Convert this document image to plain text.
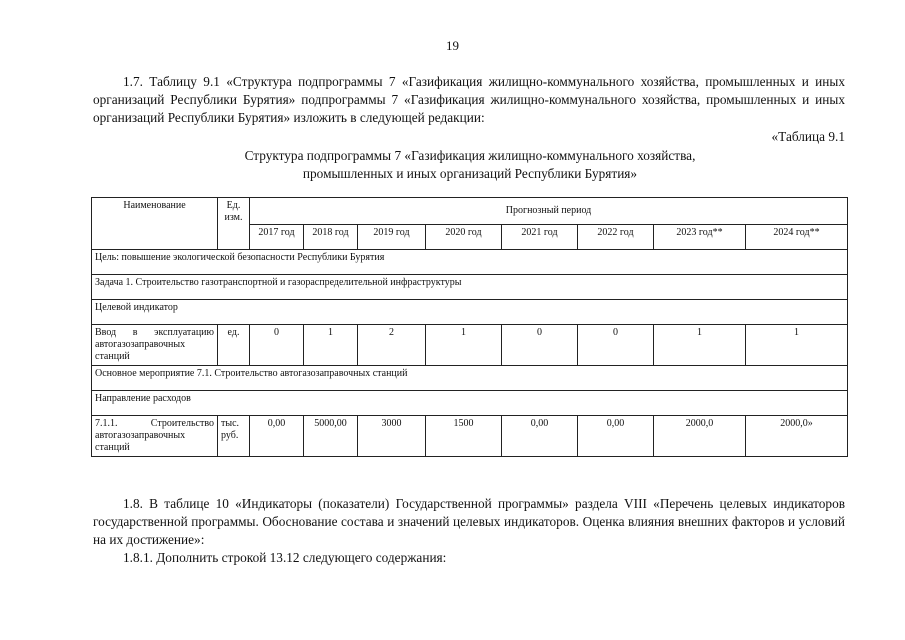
19

1.7. Таблицу 9.1 «Структура подпрограммы 7 «Газификация жилищно-коммунального хозяйства, промышленных и иных организаций Республики Бурятия» подпрограммы 7 «Газификация жилищно-коммунального хозяйства, промышленных и иных организаций Республики Бурятия» изложить в следующей редакции:

«Таблица 9.1
Структура подпрограммы 7 «Газификация жилищно-коммунального хозяйства,
промышленных и иных организаций Республики Бурятия»
Наименование	Ед. изм.	Прогнозный период							
		2017 год	2018 год	2019 год	2020 год	2021 год	2022 год	2023 год**	2024 год**
Цель: повышение экологической безопасности Республики Бурятия									
Задача 1. Строительство газотранспортной и газораспределительной инфраструктуры									
Целевой индикатор									
Ввод в эксплуатацию автогазозаправочных станций	ед.	0	1	2	1	0	0	1	1
Основное мероприятие 7.1. Строительство автогазозаправочных станций									
Направление расходов									
7.1.1. Строительство автогазозаправочных станций	тыс. руб.	0,00	5000,00	3000	1500	0,00	0,00	2000,0	2000,0»

1.8. В таблице 10 «Индикаторы (показатели) Государственной программы» раздела VIII «Перечень целевых индикаторов государственной программы. Обоснование состава и значений целевых индикаторов. Оценка влияния внешних факторов и условий на их достижение»:

1.8.1. Дополнить строкой 13.12 следующего содержания:
